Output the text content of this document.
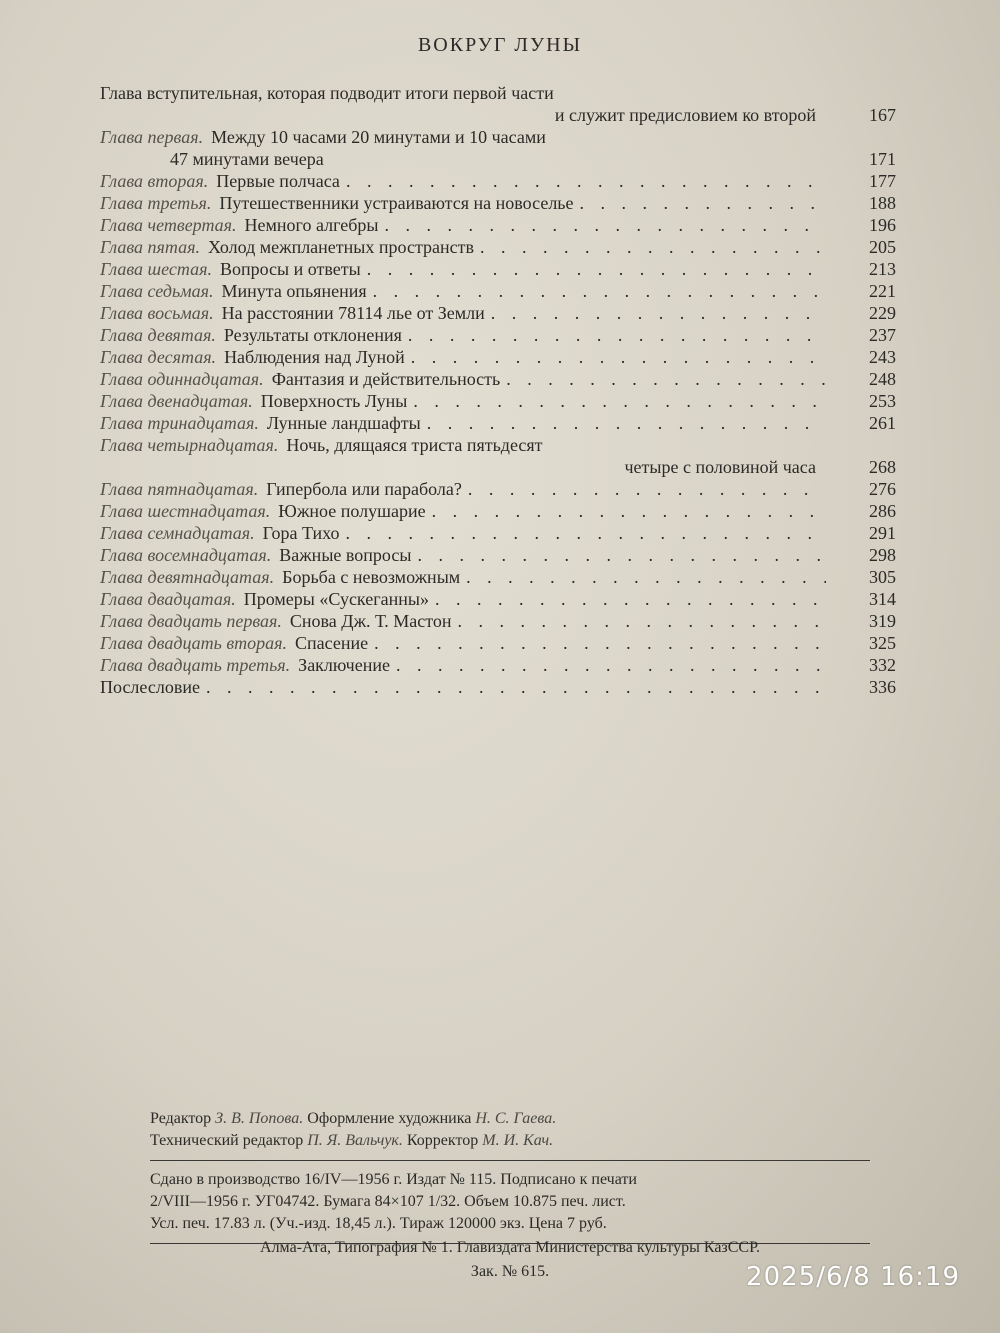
ВОКРУГ ЛУНЫ
Глава вступительная, которая подводит итоги первой части
и служит предисловием ко второй	167
Глава первая. Между 10 часами 20 минутами и 10 часами
47 минутами вечера	171
Глава вторая. Первые полчаса . . .	177
Глава третья. Путешественники устраиваются на новоселье . . .	188
Глава четвертая. Немного алгебры . . .	196
Глава пятая. Холод межпланетных пространств . . .	205
Глава шестая. Вопросы и ответы . . .	213
Глава седьмая. Минута опьянения . . .	221
Глава восьмая. На расстоянии 78114 лье от Земли . . .	229
Глава девятая. Результаты отклонения . . .	237
Глава десятая. Наблюдения над Луной . . .	243
Глава одиннадцатая. Фантазия и действительность . . .	248
Глава двенадцатая. Поверхность Луны . . .	253
Глава тринадцатая. Лунные ландшафты . . .	261
Глава четырнадцатая. Ночь, длящаяся триста пятьдесят
четыре с половиной часа	268
Глава пятнадцатая. Гипербола или парабола? . . .	276
Глава шестнадцатая. Южное полушарие . . .	286
Глава семнадцатая. Гора Тихо . . .	291
Глава восемнадцатая. Важные вопросы . . .	298
Глава девятнадцатая. Борьба с невозможным . . .	305
Глава двадцатая. Промеры «Сускеганны» . . .	314
Глава двадцать первая. Снова Дж. Т. Мастон . . .	319
Глава двадцать вторая. Спасение . . .	325
Глава двадцать третья. Заключение . . .	332
Послесловие . . .	336
Редактор З. В. Попова. Оформление художника Н. С. Гаева.
Технический редактор П. Я. Вальчук. Корректор М. И. Кач.
Сдано в производство 16/IV—1956 г. Издат № 115. Подписано к печати
2/VIII—1956 г. УГ04742. Бумага 84×107 1/32. Объем 10.875 печ. лист.
Усл. печ. 17.83 л. (Уч.-изд. 18,45 л.). Тираж 120000 экз. Цена 7 руб.
Алма-Ата, Типография № 1. Главиздата Министерства культуры КазССР.
Зак. № 615.	2025/6/8 16:19
